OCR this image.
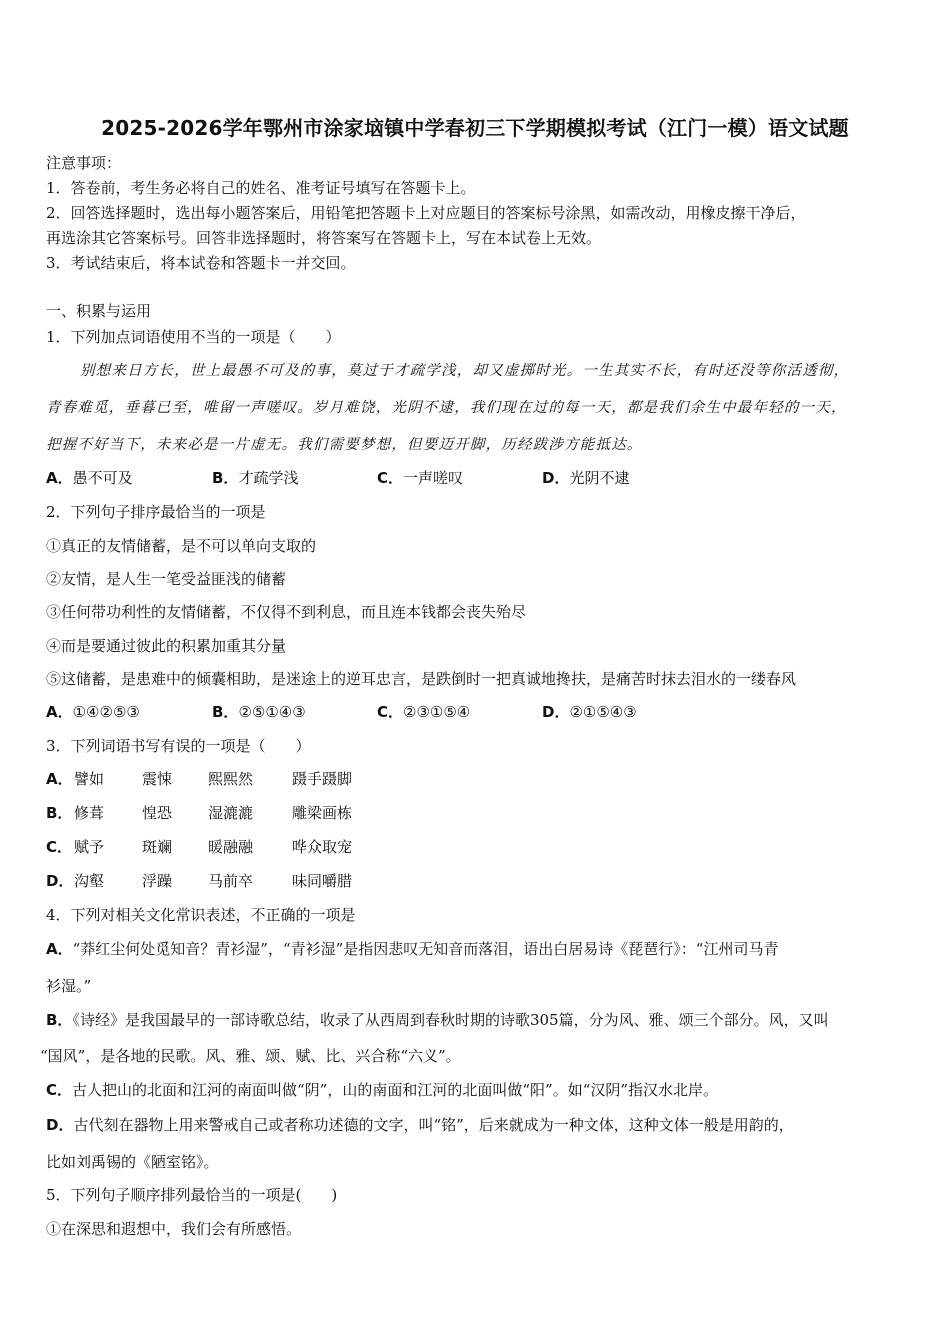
2025-2026学年鄂州市涂家垴镇中学春初三下学期模拟考试（江门一模）语文试题
注意事项：
1．答卷前，考生务必将自己的姓名、准考证号填写在答题卡上。
2．回答选择题时，选出每小题答案后，用铅笔把答题卡上对应题目的答案标号涂黑，如需改动，用橡皮擦干净后，
再选涂其它答案标号。回答非选择题时，将答案写在答题卡上，写在本试卷上无效。
3．考试结束后，将本试卷和答题卡一并交回。
一、积累与运用
1．下列加点词语使用不当的一项是（　　）
别想来日方长，世上最愚不可及的事，莫过于才疏学浅，却又虚掷时光。一生其实不长，有时还没等你活透彻，
青春难觅，垂暮已至，唯留一声嗟叹。岁月难饶，光阴不逮，我们现在过的每一天，都是我们余生中最年轻的一天，
把握不好当下，未来必是一片虚无。我们需要梦想，但要迈开脚，历经跋涉方能抵达。
A．愚不可及	B．才疏学浅	C．一声嗟叹	D．光阴不逮
2．下列句子排序最恰当的一项是
①真正的友情储蓄，是不可以单向支取的
②友情，是人生一笔受益匪浅的储蓄
③任何带功利性的友情储蓄，不仅得不到利息，而且连本钱都会丧失殆尽
④而是要通过彼此的积累加重其分量
⑤这储蓄，是患难中的倾囊相助，是迷途上的逆耳忠言，是跌倒时一把真诚地搀扶，是痛苦时抹去泪水的一缕春风
A．①④②⑤③	B．②⑤①④③	C．②③①⑤④	D．②①⑤④③
3．下列词语书写有误的一项是（　　）
A． 譬如	震悚 熙熙然	蹑手蹑脚
B． 修葺	惶恐 湿漉漉	雕梁画栋
C． 赋予	斑斓 暖融融	哗众取宠
D． 沟壑	浮躁 马前卒	味同嚼腊
4．下列对相关文化常识表述，不正确的一项是
A．“莽红尘何处觅知音？青衫湿”，“青衫湿”是指因悲叹无知音而落泪，语出白居易诗《琵琶行》：“江州司马青
衫湿。”
B．《诗经》是我国最早的一部诗歌总结，收录了从西周到春秋时期的诗歌305篇，分为风、雅、颂三个部分。风，又叫
“国风”，是各地的民歌。风、雅、颂、赋、比、兴合称“六义”。
C．古人把山的北面和江河的南面叫做“阴”，山的南面和江河的北面叫做“阳”。如“汉阴”指汉水北岸。
D．古代刻在器物上用来警戒自己或者称功述德的文字，叫“铭”，后来就成为一种文体，这种文体一般是用韵的，
比如刘禹锡的《陋室铭》。
5．下列句子顺序排列最恰当的一项是(　　)
①在深思和遐想中，我们会有所感悟。
